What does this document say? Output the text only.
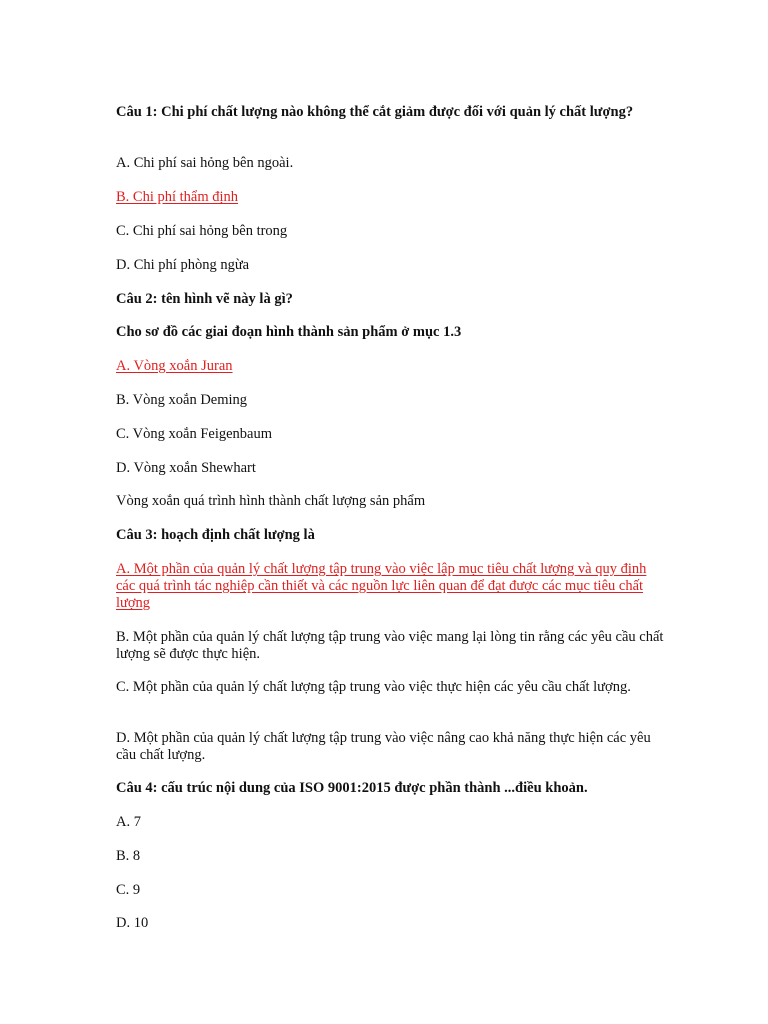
Câu 1: Chi phí chất lượng nào không thể cắt giảm được đối với quản lý chất lượng?

A. Chi phí sai hỏng bên ngoài.

B. Chi phí thẩm định

C. Chi phí sai hỏng bên trong

D. Chi phí phòng ngừa

Câu 2: tên hình vẽ này là gì?

Cho sơ đồ các giai đoạn hình thành sản phẩm ở mục 1.3

A. Vòng xoắn Juran

B. Vòng xoắn Deming

C. Vòng xoắn Feigenbaum

D. Vòng xoắn Shewhart

Vòng xoắn quá trình hình thành chất lượng sản phẩm

Câu 3: hoạch định chất lượng là

A. Một phần của quản lý chất lượng tập trung vào việc lập mục tiêu chất lượng và quy định các quá trình tác nghiệp cần thiết và các nguồn lực liên quan để đạt được các mục tiêu chất lượng

B. Một phần của quản lý chất lượng tập trung vào việc mang lại lòng tin rằng các yêu cầu chất lượng sẽ được thực hiện.

C. Một phần của quản lý chất lượng tập trung vào việc thực hiện các yêu cầu chất lượng.

D. Một phần của quản lý chất lượng tập trung vào việc nâng cao khả năng thực hiện các yêu cầu chất lượng.

Câu 4: cấu trúc nội dung của ISO 9001:2015 được phần thành ...điều khoản.

A. 7

B. 8

C. 9

D. 10
